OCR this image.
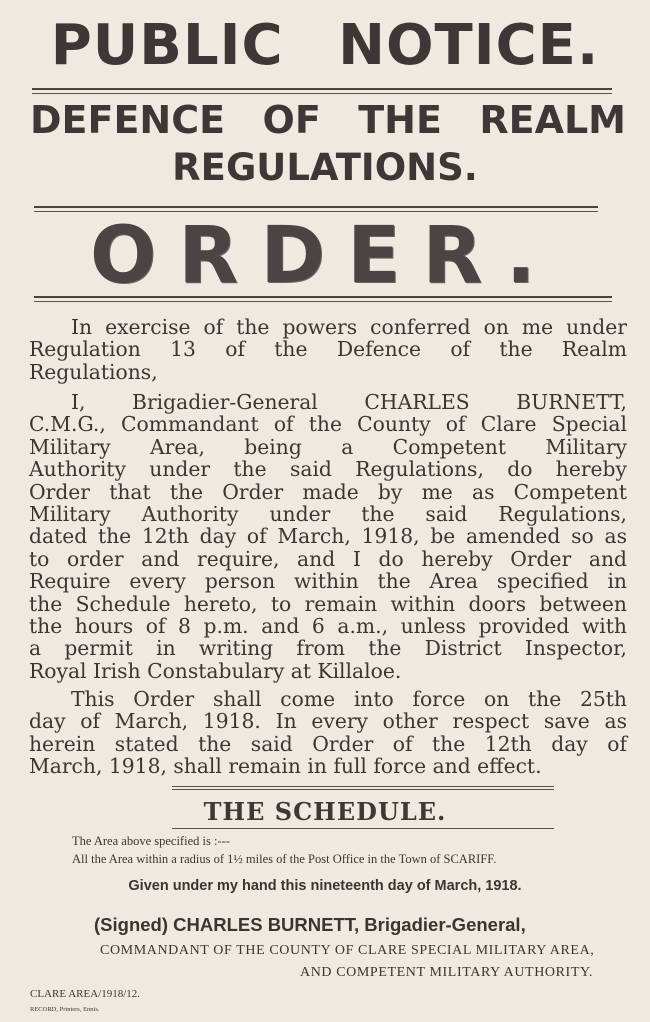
PUBLIC NOTICE.
DEFENCE OF THE REALM
REGULATIONS.
ORDER.
In exercise of the powers conferred on me under
Regulation 13 of the Defence of the Realm
Regulations,
I, Brigadier-General CHARLES BURNETT,
C.M.G., Commandant of the County of Clare Special
Military Area, being a Competent Military
Authority under the said Regulations, do hereby
Order that the Order made by me as Competent
Military Authority under the said Regulations,
dated the 12th day of March, 1918, be amended so as
to order and require, and I do hereby Order and
Require every person within the Area specified in
the Schedule hereto, to remain within doors between
the hours of 8 p.m. and 6 a.m., unless provided with
a permit in writing from the District Inspector,
Royal Irish Constabulary at Killaloe.
This Order shall come into force on the 25th
day of March, 1918. In every other respect save as
herein stated the said Order of the 12th day of
March, 1918, shall remain in full force and effect.
THE SCHEDULE.
The Area above specified is :---
All the Area within a radius of 1½ miles of the Post Office in the Town of SCARIFF.
Given under my hand this nineteenth day of March, 1918.
(Signed) CHARLES BURNETT, Brigadier-General,
COMMANDANT OF THE COUNTY OF CLARE SPECIAL MILITARY AREA,
AND COMPETENT MILITARY AUTHORITY.
CLARE AREA/1918/12.
RECORD, Printers, Ennis.
